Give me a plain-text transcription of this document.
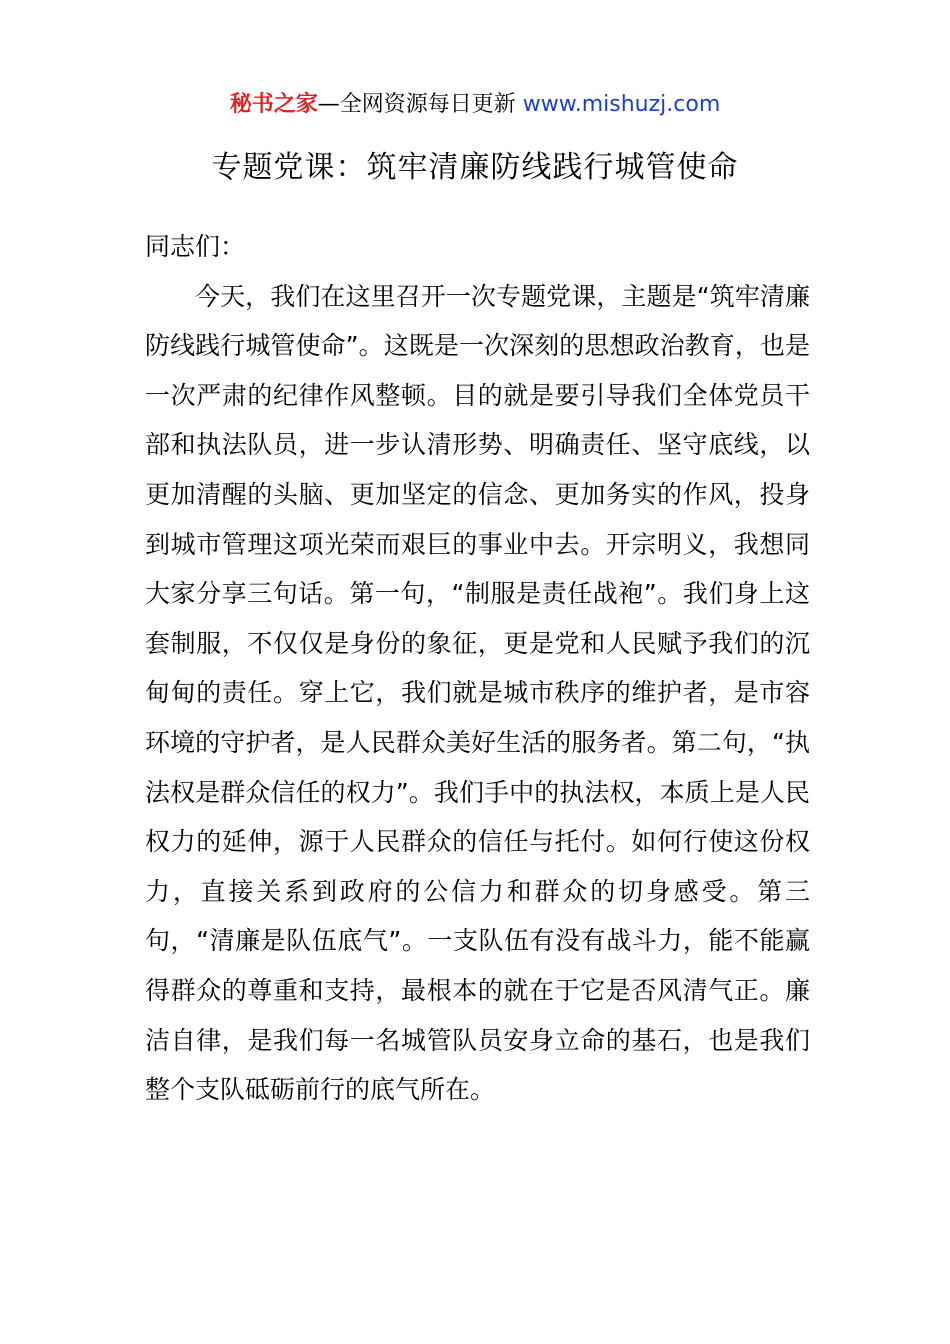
秘书之家—全网资源每日更新 www.mishuzj.com
专题党课：筑牢清廉防线践行城管使命

同志们：

今天，我们在这里召开一次专题党课，主题是“筑牢清廉防线践行城管使命”。这既是一次深刻的思想政治教育，也是一次严肃的纪律作风整顿。目的就是要引导我们全体党员干部和执法队员，进一步认清形势、明确责任、坚守底线，以更加清醒的头脑、更加坚定的信念、更加务实的作风，投身到城市管理这项光荣而艰巨的事业中去。开宗明义，我想同大家分享三句话。第一句，“制服是责任战袍”。我们身上这套制服，不仅仅是身份的象征，更是党和人民赋予我们的沉甸甸的责任。穿上它，我们就是城市秩序的维护者，是市容环境的守护者，是人民群众美好生活的服务者。第二句，“执法权是群众信任的权力”。我们手中的执法权，本质上是人民权力的延伸，源于人民群众的信任与托付。如何行使这份权力，直接关系到政府的公信力和群众的切身感受。第三句，“清廉是队伍底气”。一支队伍有没有战斗力，能不能赢得群众的尊重和支持，最根本的就在于它是否风清气正。廉洁自律，是我们每一名城管队员安身立命的基石，也是我们整个支队砥砺前行的底气所在。
